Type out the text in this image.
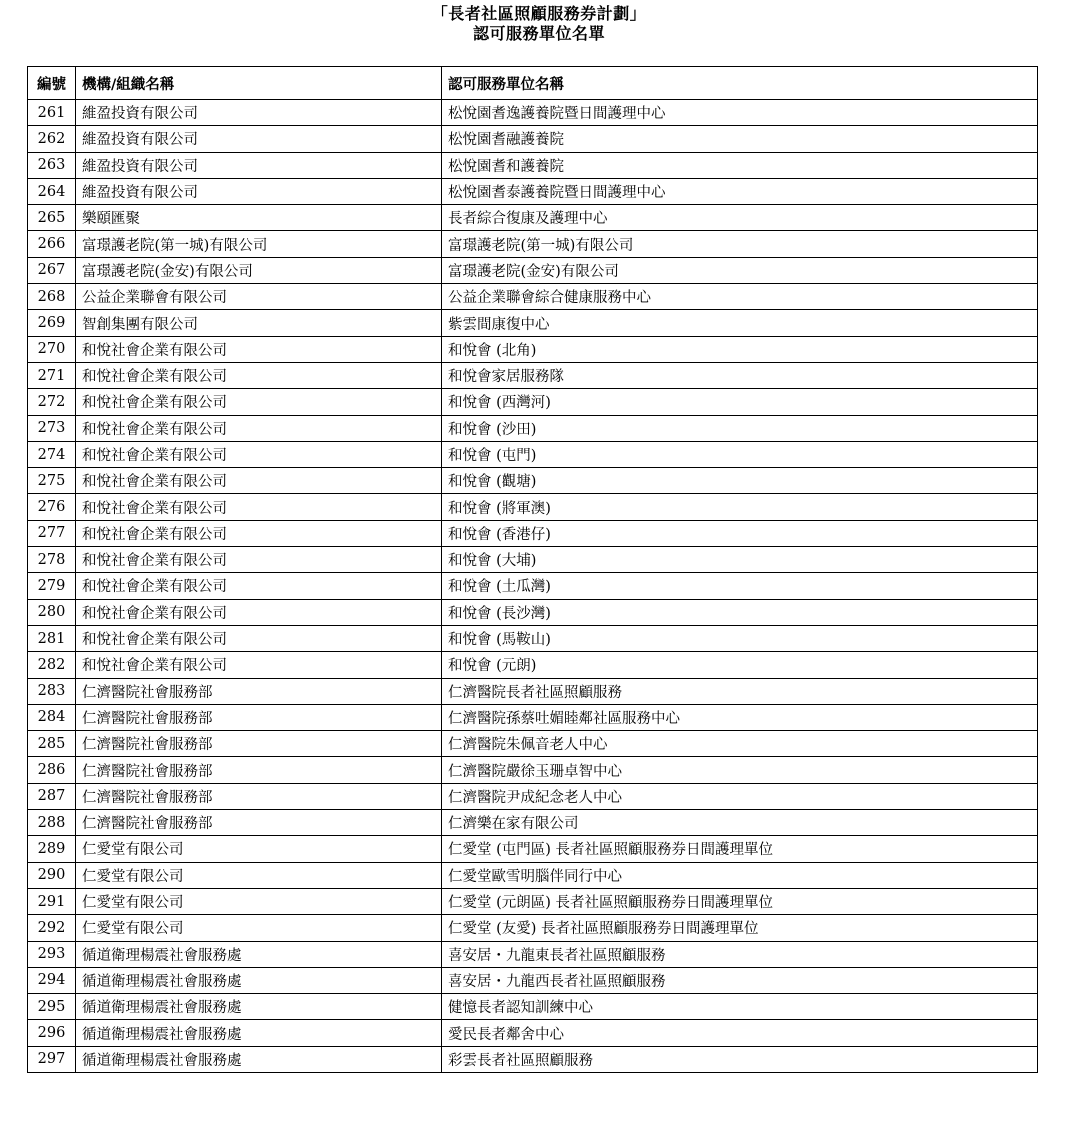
「長者社區照顧服務券計劃」
認可服務單位名單
編號	機構/組織名稱	認可服務單位名稱
261	維盈投資有限公司	松悅園耆逸護養院暨日間護理中心
262	維盈投資有限公司	松悅園耆融護養院
263	維盈投資有限公司	松悅園耆和護養院
264	維盈投資有限公司	松悅園耆泰護養院暨日間護理中心
265	樂頤匯聚	長者綜合復康及護理中心
266	富璟護老院(第一城)有限公司	富璟護老院(第一城)有限公司
267	富璟護老院(金安)有限公司	富璟護老院(金安)有限公司
268	公益企業聯會有限公司	公益企業聯會綜合健康服務中心
269	智創集團有限公司	紫雲間康復中心
270	和悅社會企業有限公司	和悅會 (北角)
271	和悅社會企業有限公司	和悅會家居服務隊
272	和悅社會企業有限公司	和悅會 (西灣河)
273	和悅社會企業有限公司	和悅會 (沙田)
274	和悅社會企業有限公司	和悅會 (屯門)
275	和悅社會企業有限公司	和悅會 (觀塘)
276	和悅社會企業有限公司	和悅會 (將軍澳)
277	和悅社會企業有限公司	和悅會 (香港仔)
278	和悅社會企業有限公司	和悅會 (大埔)
279	和悅社會企業有限公司	和悅會 (土瓜灣)
280	和悅社會企業有限公司	和悅會 (長沙灣)
281	和悅社會企業有限公司	和悅會 (馬鞍山)
282	和悅社會企業有限公司	和悅會 (元朗)
283	仁濟醫院社會服務部	仁濟醫院長者社區照顧服務
284	仁濟醫院社會服務部	仁濟醫院孫蔡吐媚睦鄰社區服務中心
285	仁濟醫院社會服務部	仁濟醫院朱佩音老人中心
286	仁濟醫院社會服務部	仁濟醫院嚴徐玉珊卓智中心
287	仁濟醫院社會服務部	仁濟醫院尹成紀念老人中心
288	仁濟醫院社會服務部	仁濟樂在家有限公司
289	仁愛堂有限公司	仁愛堂 (屯門區) 長者社區照顧服務券日間護理單位
290	仁愛堂有限公司	仁愛堂歐雪明腦伴同行中心
291	仁愛堂有限公司	仁愛堂 (元朗區) 長者社區照顧服務券日間護理單位
292	仁愛堂有限公司	仁愛堂 (友愛) 長者社區照顧服務券日間護理單位
293	循道衛理楊震社會服務處	喜安居・九龍東長者社區照顧服務
294	循道衛理楊震社會服務處	喜安居・九龍西長者社區照顧服務
295	循道衛理楊震社會服務處	健憶長者認知訓練中心
296	循道衛理楊震社會服務處	愛民長者鄰舍中心
297	循道衛理楊震社會服務處	彩雲長者社區照顧服務
